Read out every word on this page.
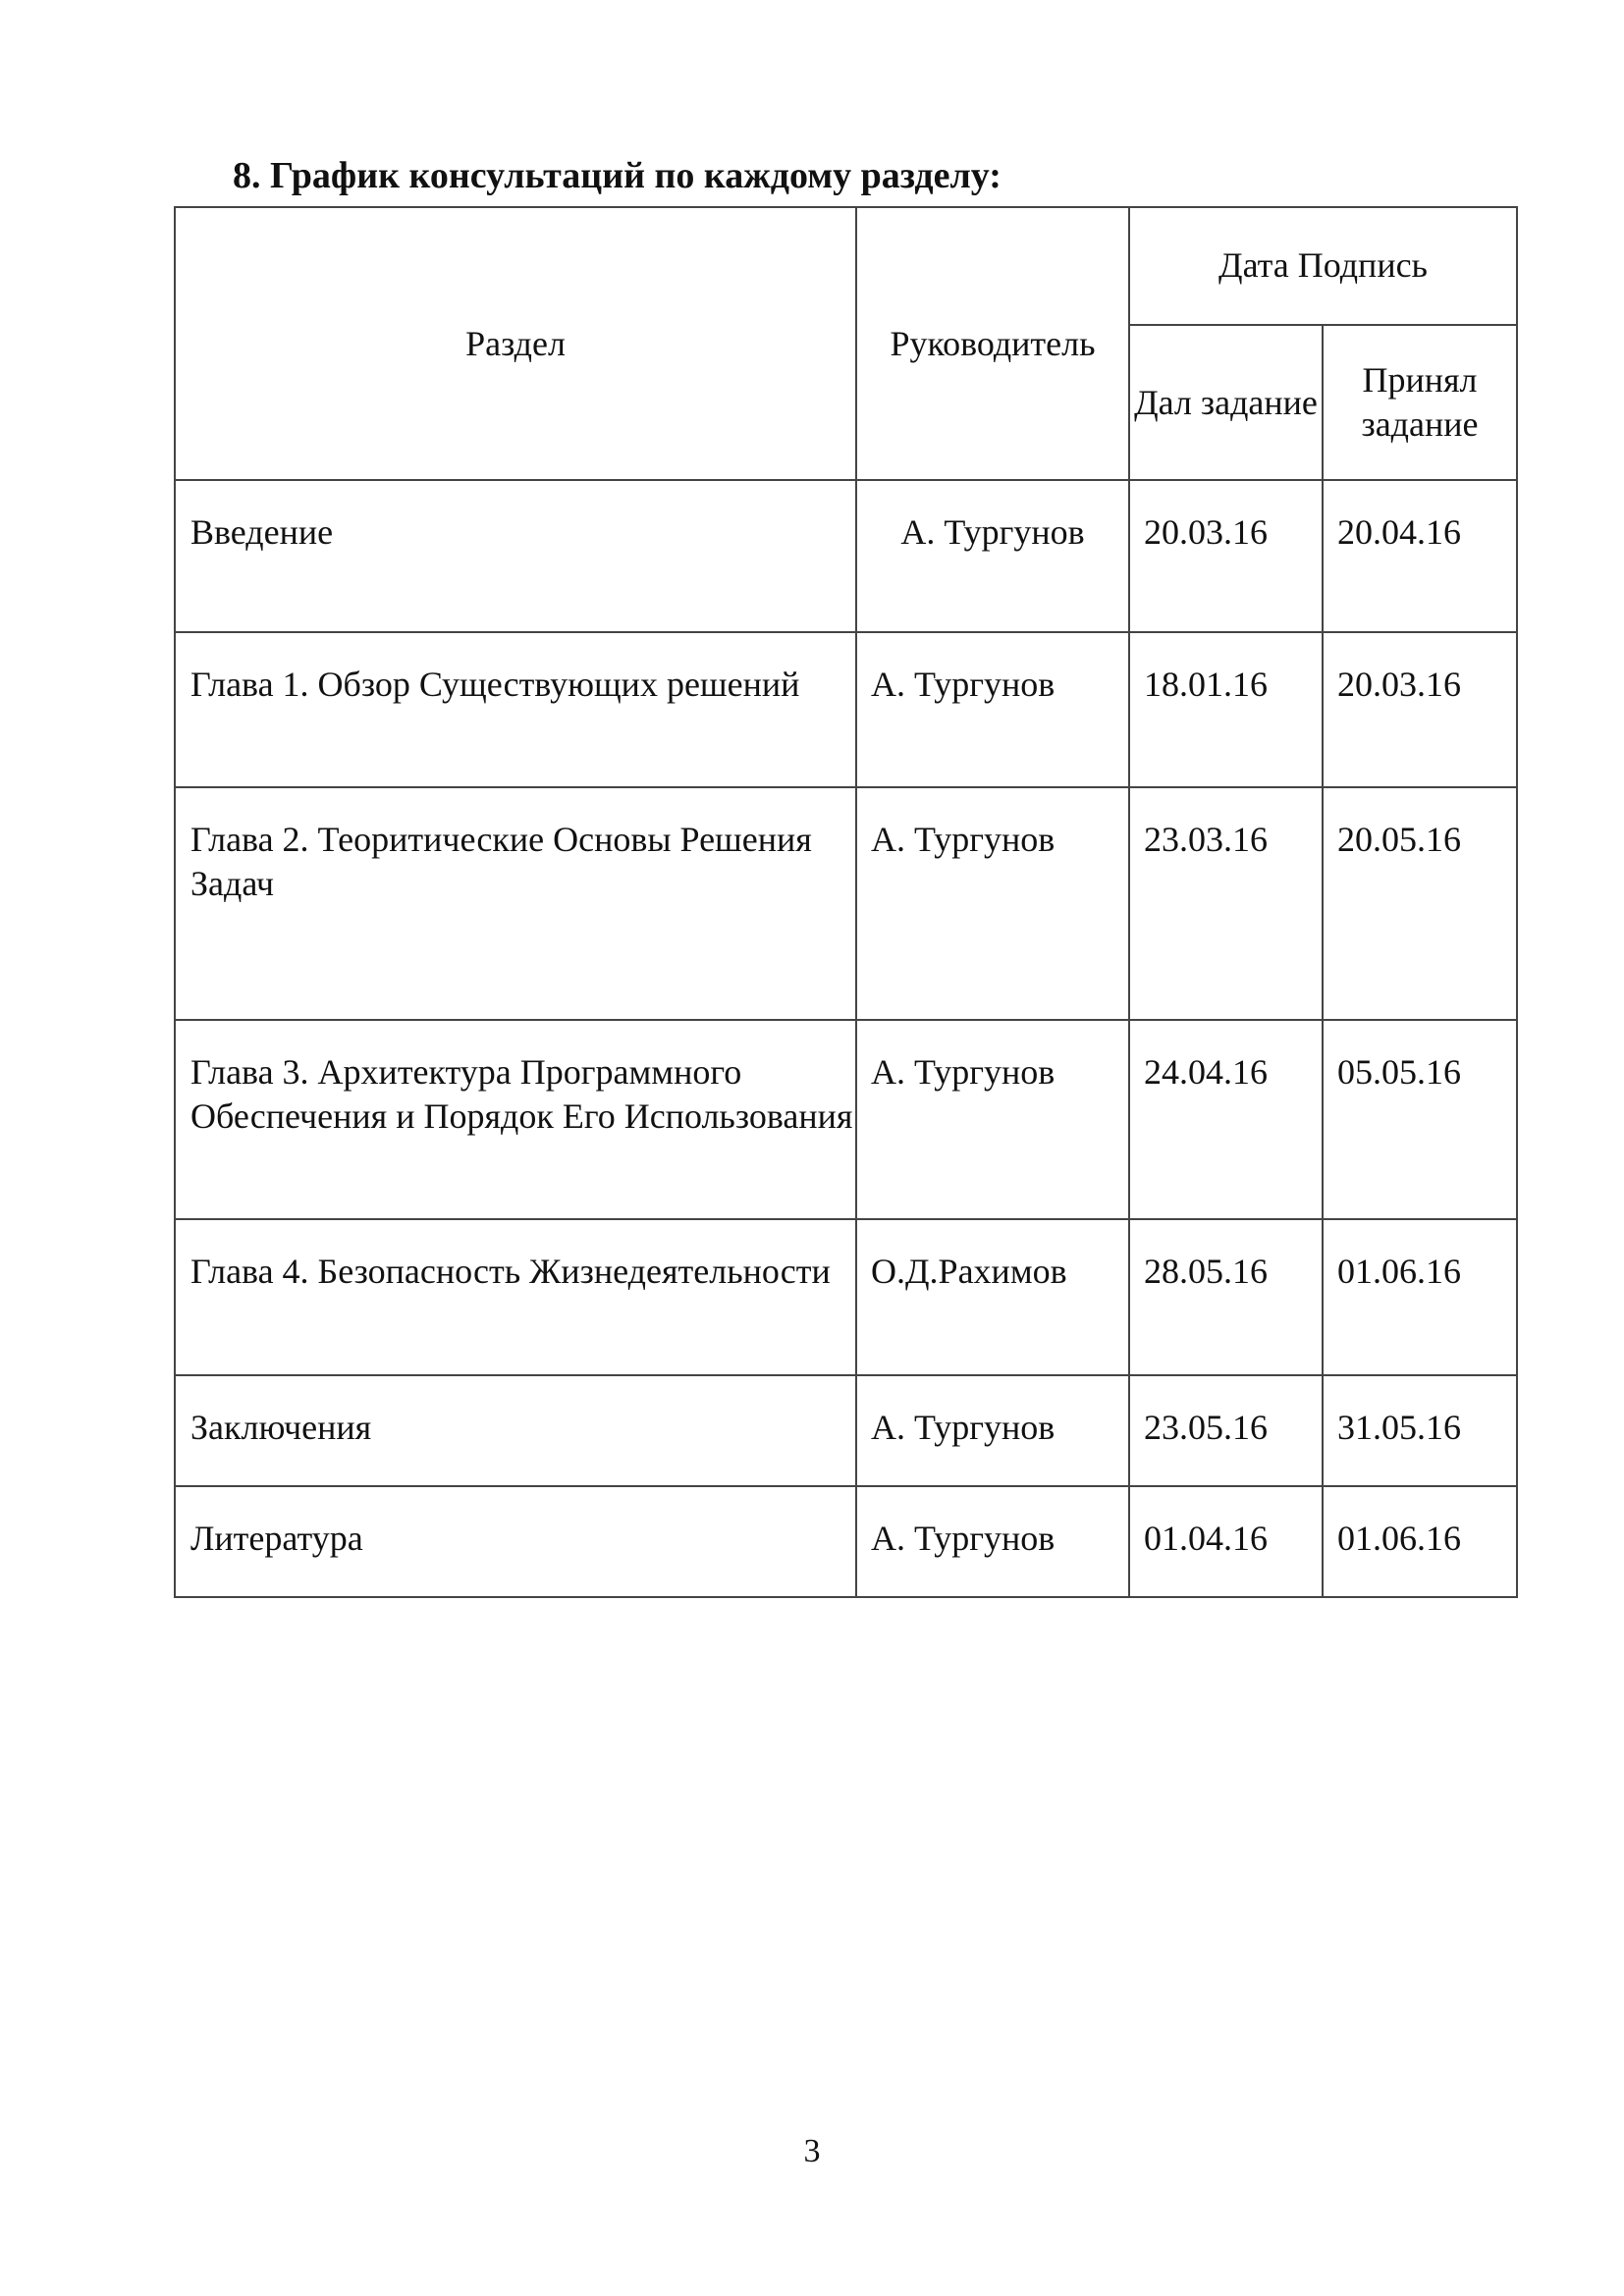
8. График консультаций по каждому разделу:
Раздел	Руководитель	Дата Подпись	
		Дал задание	Принял задание
Введение	А. Тургунов	20.03.16	20.04.16
Глава 1. Обзор Существующих решений	А. Тургунов	18.01.16	20.03.16
Глава 2. Теоритические Основы Решения Задач	А. Тургунов	23.03.16	20.05.16
Глава 3. Архитектура Программного Обеспечения и Порядок Его Использования	А. Тургунов	24.04.16	05.05.16
Глава 4. Безопасность Жизнедеятельности	О.Д.Рахимов	28.05.16	01.06.16
Заключения	А. Тургунов	23.05.16	31.05.16
Литература	А. Тургунов	01.04.16	01.06.16
3
